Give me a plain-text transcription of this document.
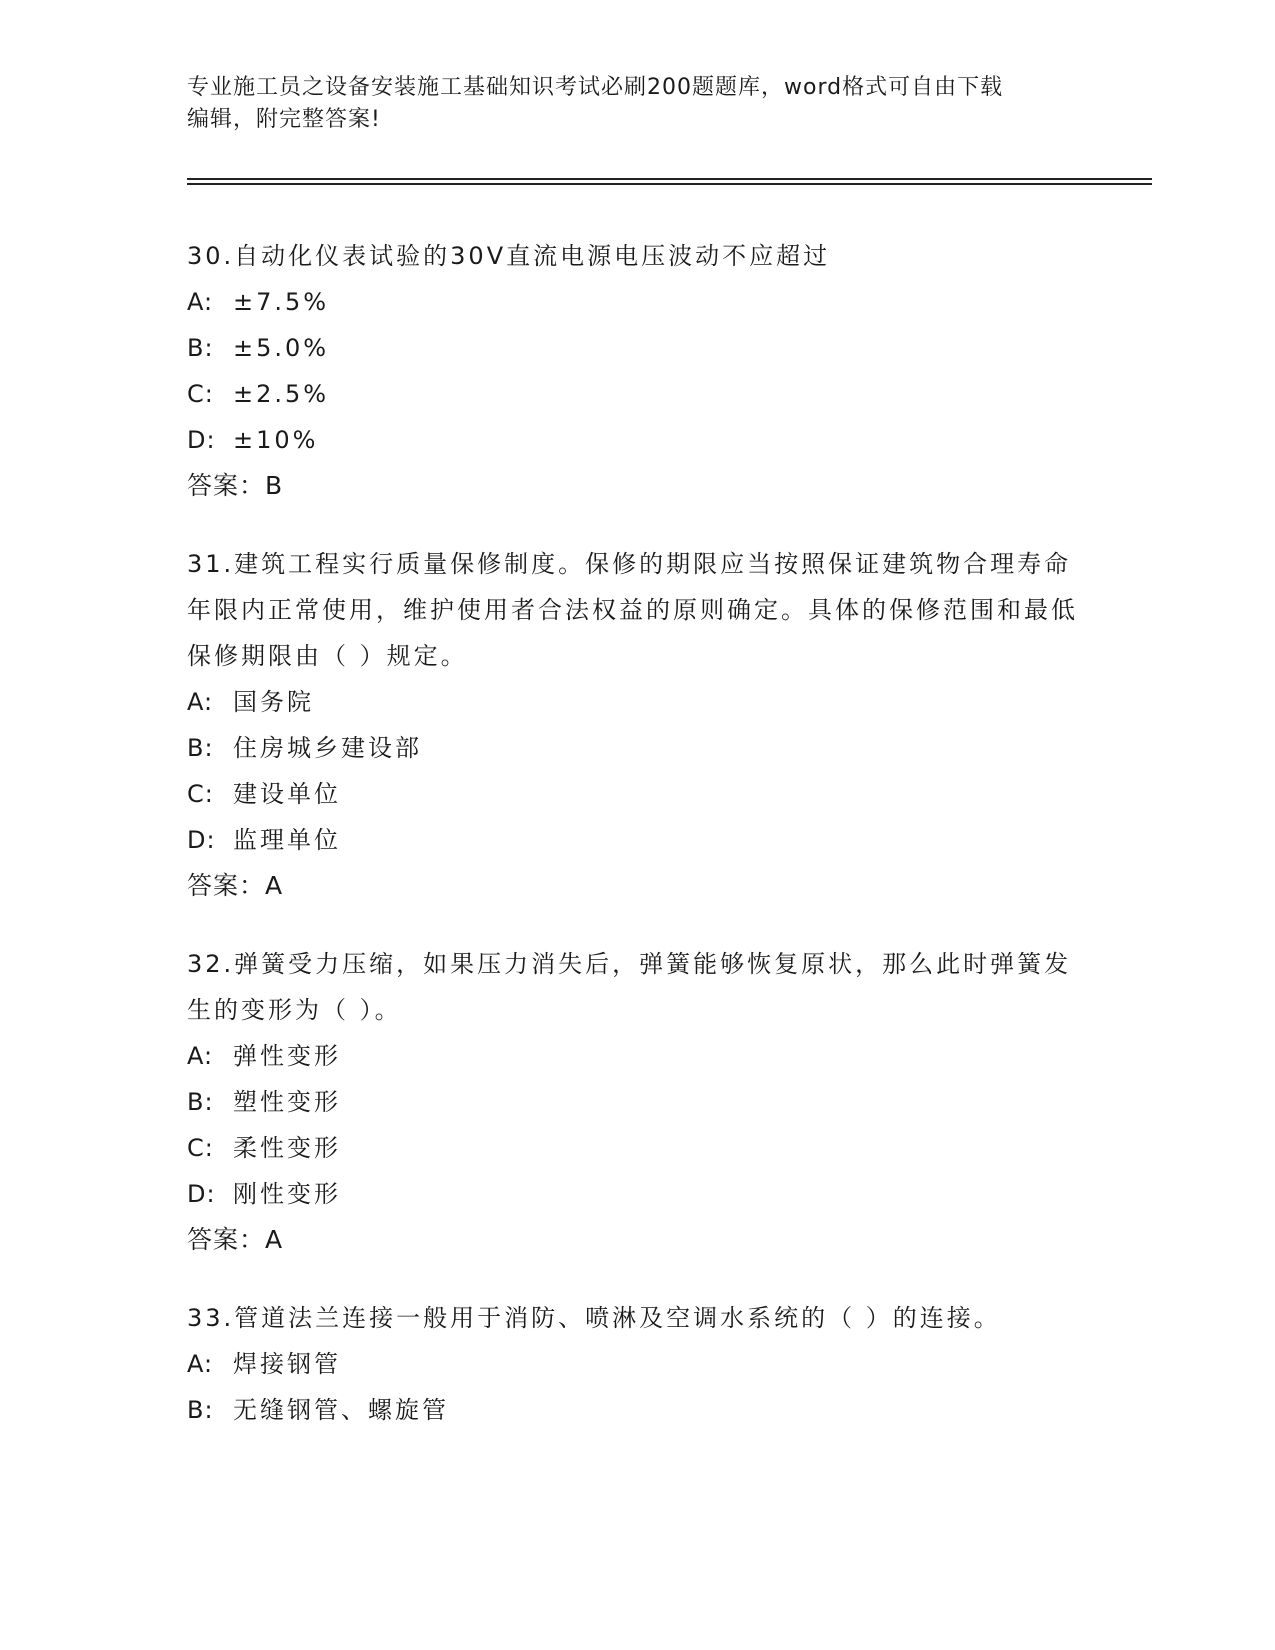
专业施工员之设备安装施工基础知识考试必刷200题题库，word格式可自由下载
编辑，附完整答案!
30.自动化仪表试验的30V直流电源电压波动不应超过
A: ±7.5%
B: ±5.0%
C: ±2.5%
D: ±10%
答案：B
31.建筑工程实行质量保修制度。保修的期限应当按照保证建筑物合理寿命年限内正常使用，维护使用者合法权益的原则确定。具体的保修范围和最低保修期限由（ ）规定。
A: 国务院
B: 住房城乡建设部
C: 建设单位
D: 监理单位
答案：A
32.弹簧受力压缩，如果压力消失后，弹簧能够恢复原状，那么此时弹簧发生的变形为（ ）。
A: 弹性变形
B: 塑性变形
C: 柔性变形
D: 刚性变形
答案：A
33.管道法兰连接一般用于消防、喷淋及空调水系统的（ ）的连接。
A: 焊接钢管
B: 无缝钢管、螺旋管
